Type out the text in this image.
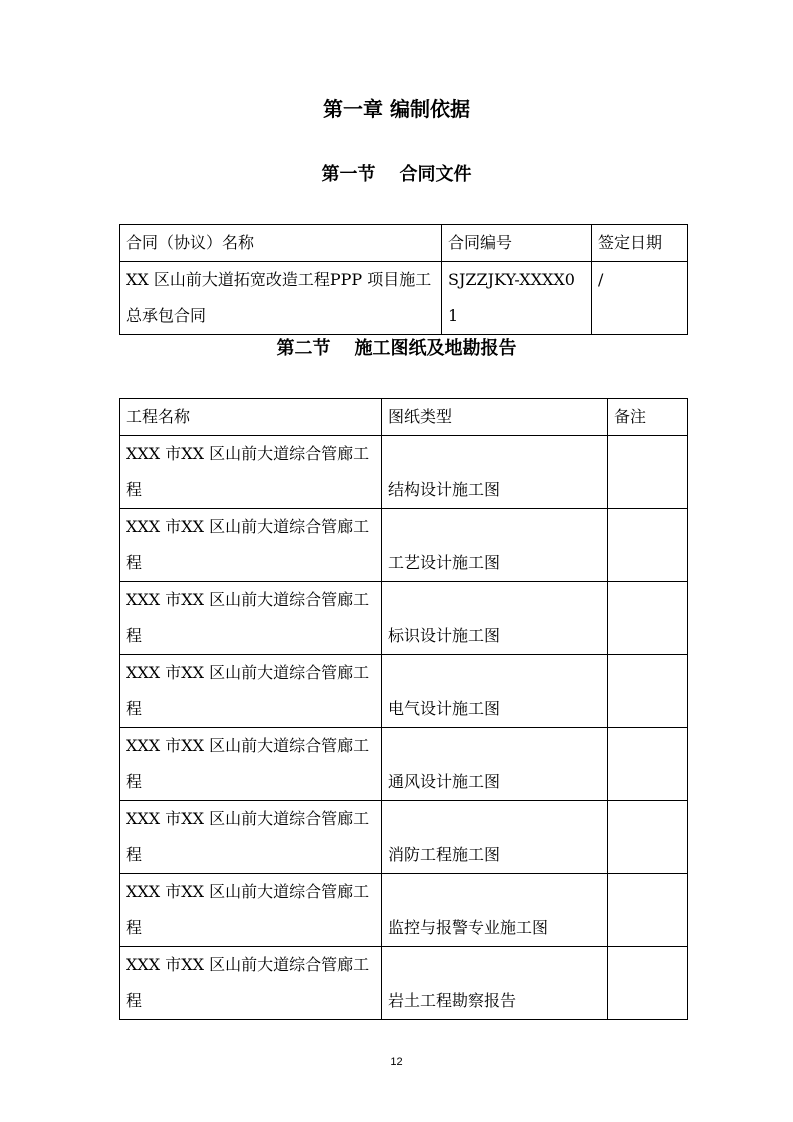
第一章 编制依据
第一节 合同文件
合同（协议）名称	合同编号	签定日期
XX 区山前大道拓宽改造工程PPP 项目施工总承包合同	SJZZJKY-XXXX01	/
第二节 施工图纸及地勘报告
工程名称	图纸类型	备注
XXX 市XX 区山前大道综合管廊工程	结构设计施工图	
XXX 市XX 区山前大道综合管廊工程	工艺设计施工图	
XXX 市XX 区山前大道综合管廊工程	标识设计施工图	
XXX 市XX 区山前大道综合管廊工程	电气设计施工图	
XXX 市XX 区山前大道综合管廊工程	通风设计施工图	
XXX 市XX 区山前大道综合管廊工程	消防工程施工图	
XXX 市XX 区山前大道综合管廊工程	监控与报警专业施工图	
XXX 市XX 区山前大道综合管廊工程	岩土工程勘察报告	
12
